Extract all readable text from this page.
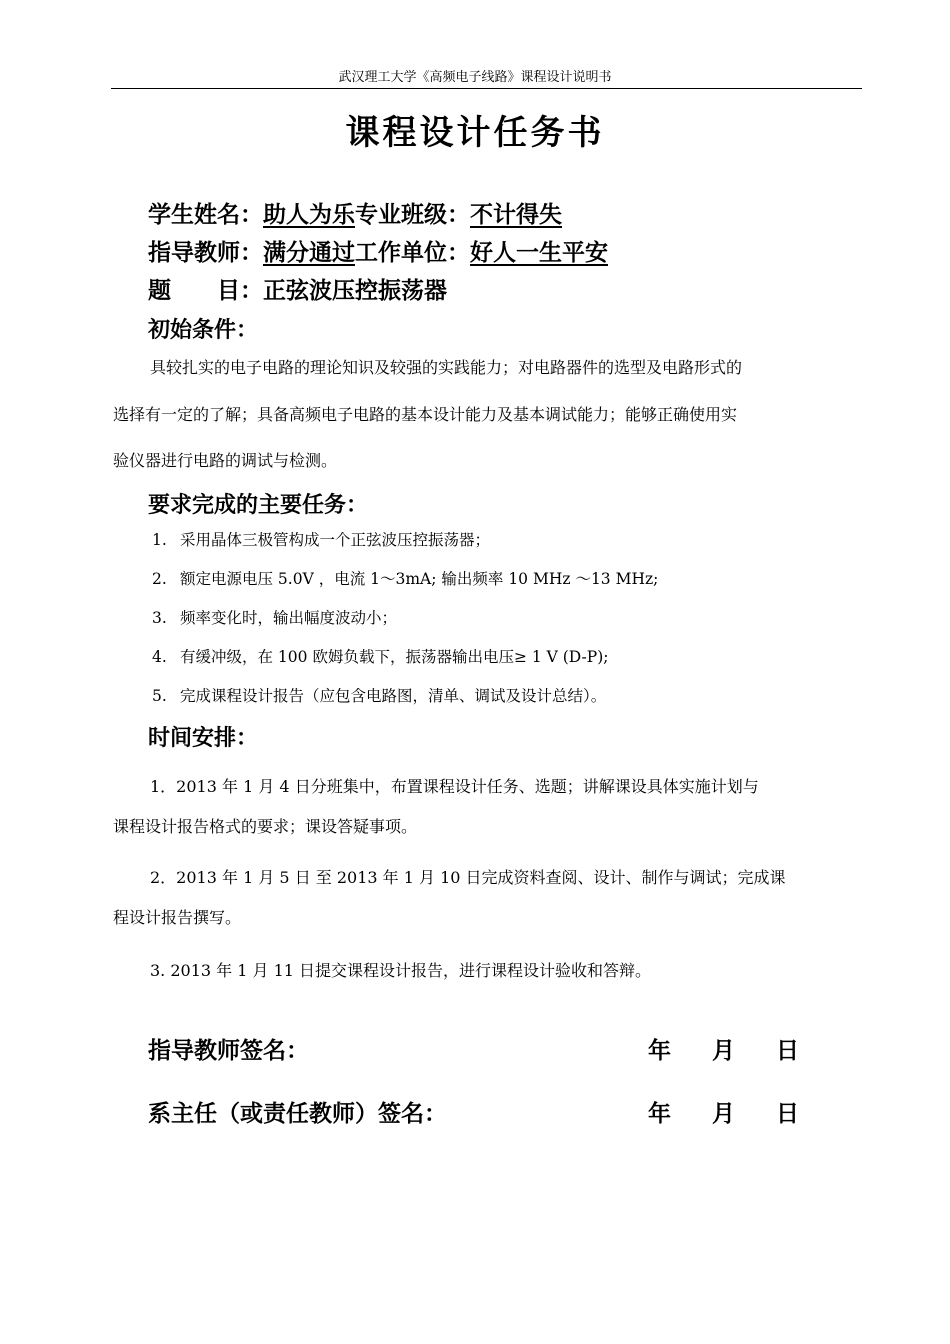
武汉理工大学《高频电子线路》课程设计说明书
课程设计任务书
学生姓名：助人为乐专业班级：不计得失
指导教师：满分通过工作单位：好人一生平安
题 目：正弦波压控振荡器
初始条件：
具较扎实的电子电路的理论知识及较强的实践能力；对电路器件的选型及电路形式的
选择有一定的了解；具备高频电子电路的基本设计能力及基本调试能力；能够正确使用实
验仪器进行电路的调试与检测。
要求完成的主要任务：
1. 采用晶体三极管构成一个正弦波压控振荡器；
2. 额定电源电压 5.0V ，电流 1～3mA; 输出频率 10 MHz ～13 MHz;
3. 频率变化时，输出幅度波动小；
4. 有缓冲级，在 100 欧姆负载下，振荡器输出电压≥ 1 V (D-P);
5. 完成课程设计报告（应包含电路图，清单、调试及设计总结）。
时间安排：
1．2013 年 1 月 4 日分班集中，布置课程设计任务、选题；讲解课设具体实施计划与
课程设计报告格式的要求；课设答疑事项。
2．2013 年 1 月 5 日 至 2013 年 1 月 10 日完成资料查阅、设计、制作与调试；完成课
程设计报告撰写。
3. 2013 年 1 月 11 日提交课程设计报告，进行课程设计验收和答辩。
指导教师签名：	年 月 日
系主任（或责任教师）签名：	年 月 日
